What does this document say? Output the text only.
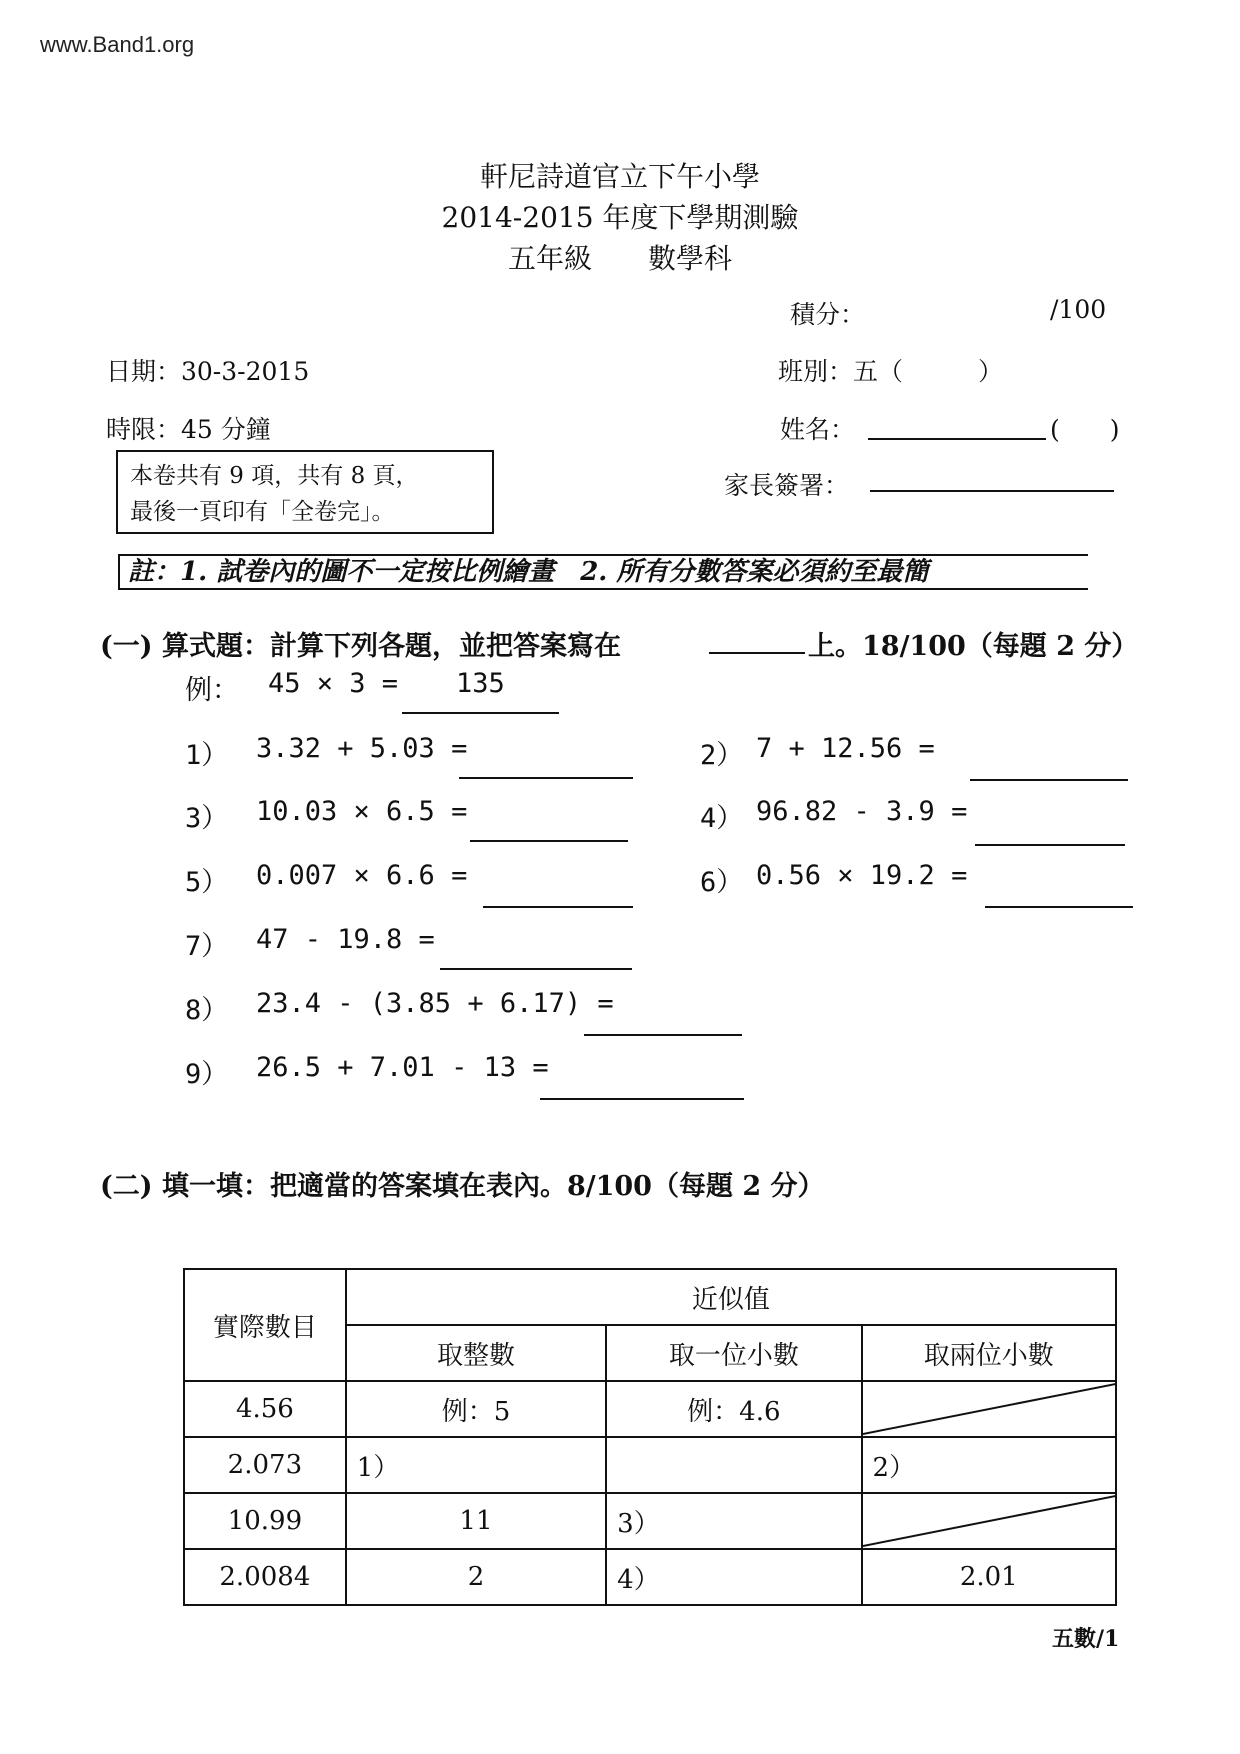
www.Band1.org
軒尼詩道官立下午小學
2014-2015 年度下學期測驗
五年級　　數學科
積分：	/100
日期：30-3-2015	班別：五（　　　）
時限：45 分鐘	姓名：	(　　)
本卷共有 9 項，共有 8 頁，
最後一頁印有「全卷完」。
家長簽署：
註：1. 試卷內的圖不一定按比例繪畫　2. 所有分數答案必須約至最簡
(一) 算式題：計算下列各題，並把答案寫在	上。18/100（每題 2 分）
例： 45 × 3 = 135
1） 3.32 + 5.03 =	2） 7 + 12.56 =
3） 10.03 × 6.5 =	4） 96.82 - 3.9 =
5） 0.007 × 6.6 =	6） 0.56 × 19.2 =
7） 47 - 19.8 =
8） 23.4 - (3.85 + 6.17) =
9） 26.5 + 7.01 - 13 =
(二) 填一填：把適當的答案填在表內。8/100（每題 2 分）
實際數目	近似值		
	取整數	取一位小數	取兩位小數
4.56	例：5	例：4.6	

2.073	1）		2）
10.99	11	3）	

2.0084	2	4）	2.01
五數/1
